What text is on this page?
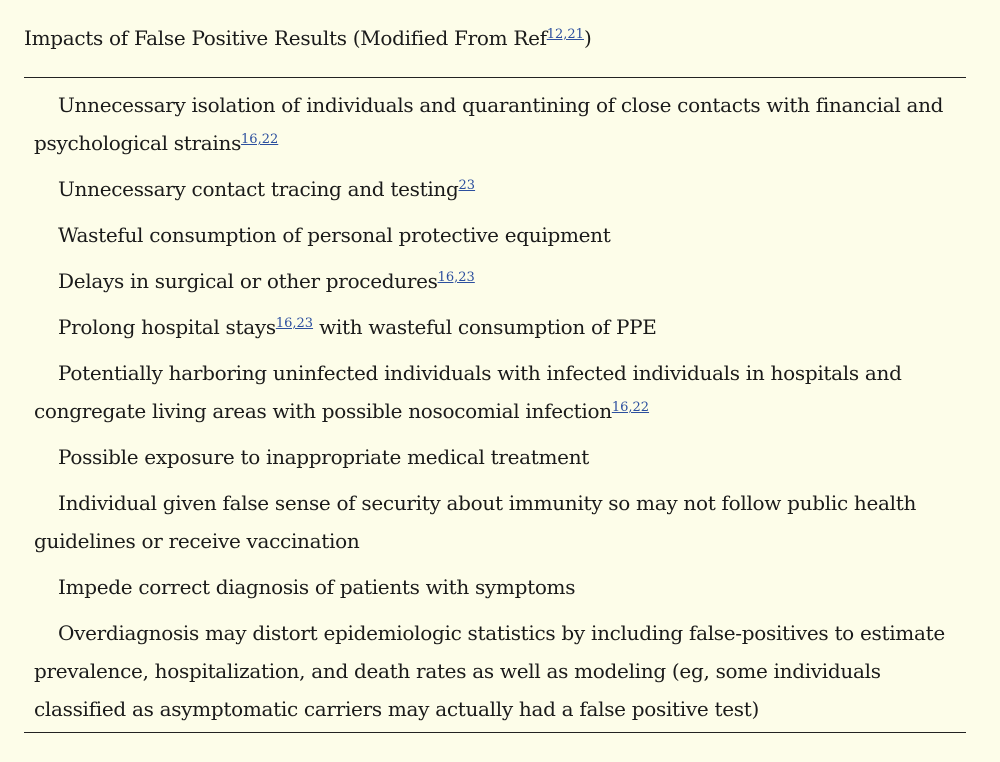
Impacts of False Positive Results (Modified From Ref$^{12,21}$)
Unnecessary isolation of individuals and quarantining of close contacts with financial and psychological strains$^{16,22}$
Unnecessary contact tracing and testing$^{23}$
Wasteful consumption of personal protective equipment
Delays in surgical or other procedures$^{16,23}$
Prolong hospital stays$^{16,23}$ with wasteful consumption of PPE
Potentially harboring uninfected individuals with infected individuals in hospitals and congregate living areas with possible nosocomial infection$^{16,22}$
Possible exposure to inappropriate medical treatment
Individual given false sense of security about immunity so may not follow public health guidelines or receive vaccination
Impede correct diagnosis of patients with symptoms
Overdiagnosis may distort epidemiologic statistics by including false-positives to estimate prevalence, hospitalization, and death rates as well as modeling (eg, some individuals classified as asymptomatic carriers may actually had a false positive test)
